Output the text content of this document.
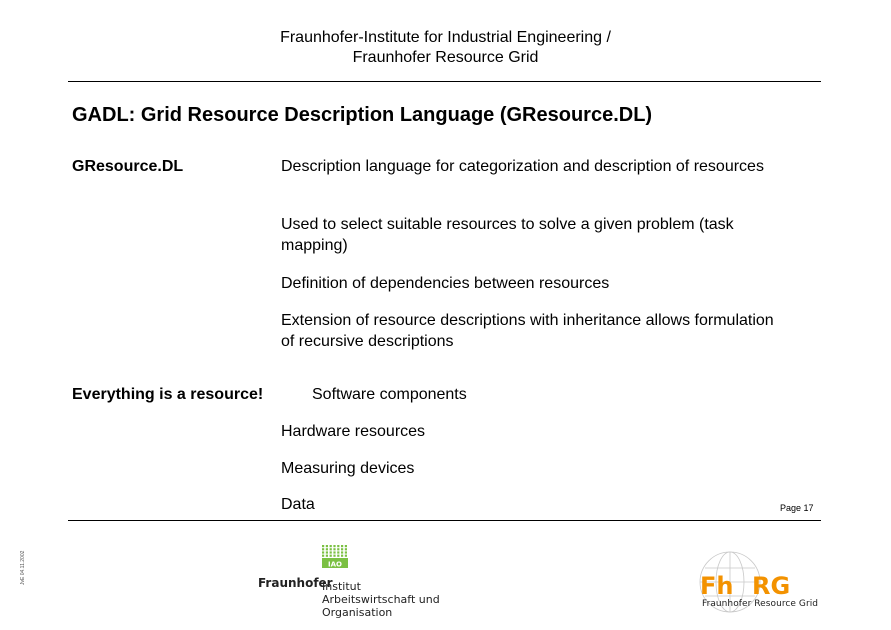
Fraunhofer-Institute for Industrial Engineering /
Fraunhofer Resource Grid
GADL: Grid Resource Description Language (GResource.DL)
GResource.DL	Description language for categorization and description of resources
Used to select suitable resources to solve a given problem (task mapping)
Definition of dependencies between resources
Extension of resource descriptions with inheritance allows formulation of recursive descriptions
Everything is a resource!	Software components
Hardware resources
Measuring devices
Data	Page 17
JvE 04.11.2002	IAO
Fraunhofer
Institut
Arbeitswirtschaft und
Organisation
Fh RG
Fraunhofer Resource Grid
